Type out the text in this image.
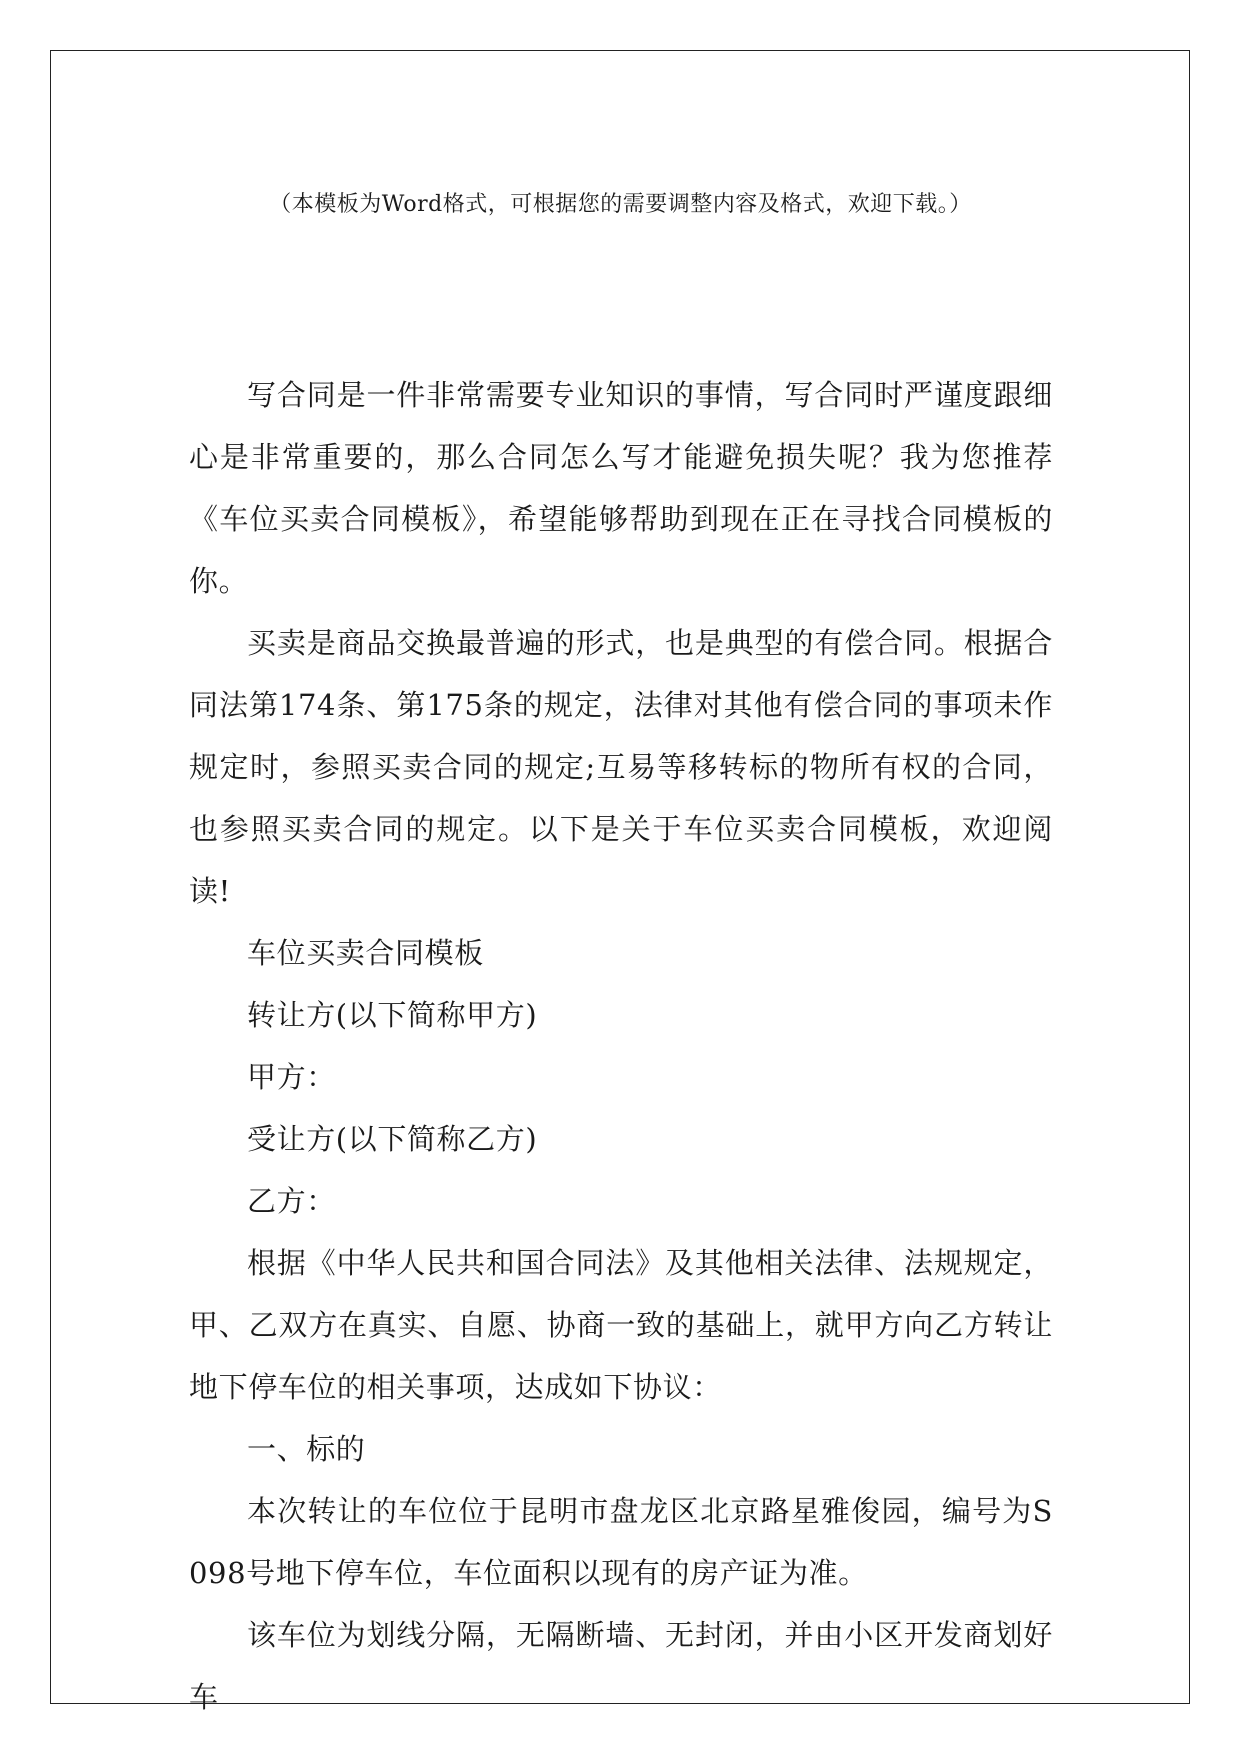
（本模板为Word格式，可根据您的需要调整内容及格式，欢迎下载。）

写合同是一件非常需要专业知识的事情，写合同时严谨度跟细心是非常重要的，那么合同怎么写才能避免损失呢？我为您推荐《车位买卖合同模板》，希望能够帮助到现在正在寻找合同模板的你。

买卖是商品交换最普遍的形式，也是典型的有偿合同。根据合同法第174条、第175条的规定，法律对其他有偿合同的事项未作规定时，参照买卖合同的规定;互易等移转标的物所有权的合同，也参照买卖合同的规定。以下是关于车位买卖合同模板，欢迎阅读!

车位买卖合同模板

转让方(以下简称甲方)

甲方：

受让方(以下简称乙方)

乙方：

根据《中华人民共和国合同法》及其他相关法律、法规规定，甲、乙双方在真实、自愿、协商一致的基础上，就甲方向乙方转让地下停车位的相关事项，达成如下协议：

一、标的

本次转让的车位位于昆明市盘龙区北京路星雅俊园，编号为S098号地下停车位，车位面积以现有的房产证为准。

该车位为划线分隔，无隔断墙、无封闭，并由小区开发商划好车
